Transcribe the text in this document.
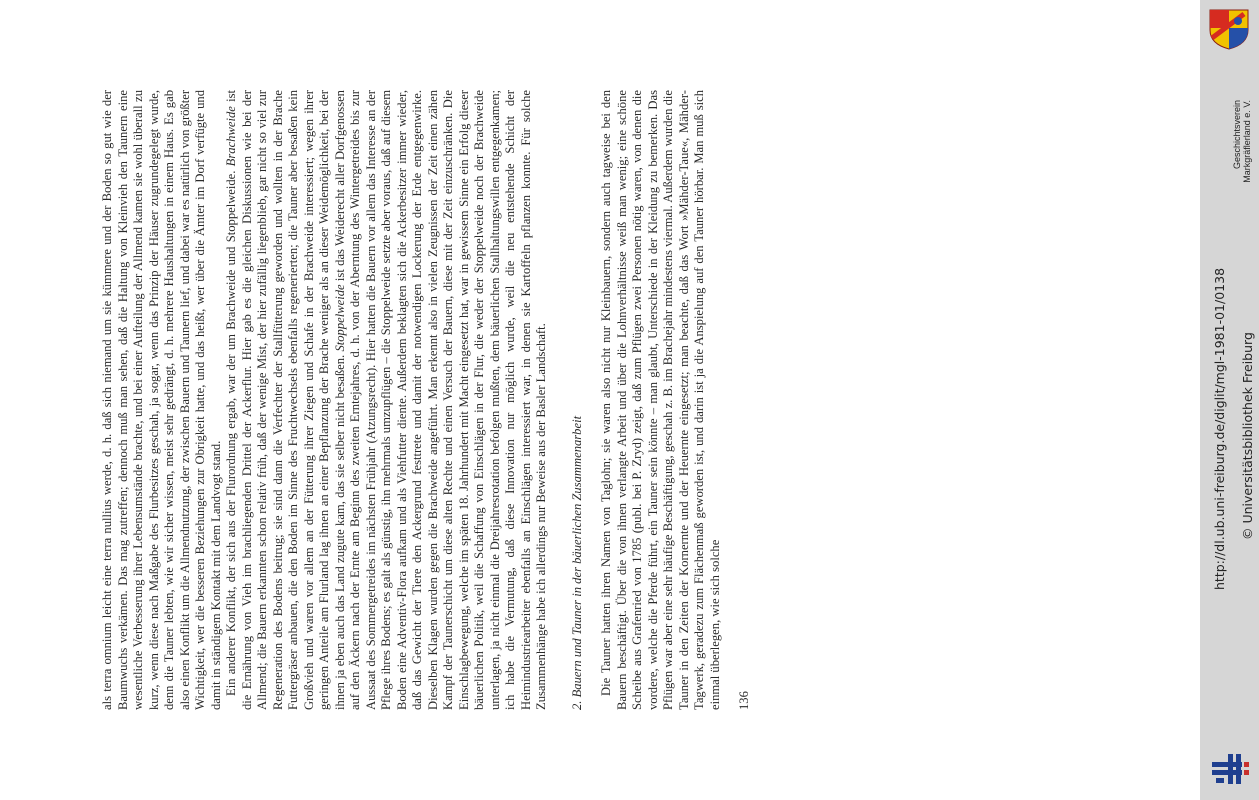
als terra omnium leicht eine terra nullius werde, d. h. daß sich niemand um sie kümmere und der Boden so gut wie der Baumwuchs verkämen. Das mag zutreffen; dennoch muß man sehen, daß die Haltung von Kleinvieh den Taunern eine wesentliche Verbesserung ihrer Lebensumstände brachte, und bei einer Aufteilung der Allmend kamen sie wohl überall zu kurz, wenn diese nach Maßgabe des Flurbesitzes geschah, ja sogar, wenn das Prinzip der Häuser zugrundegelegt wurde, denn die Tauner lebten, wie wir sicher wissen, meist sehr gedrängt, d. h. mehrere Haushaltungen in einem Haus. Es gab also einen Konflikt um die Allmendnutzung, der zwischen Bauern und Taunern lief, und dabei war es natürlich von größter Wichtigkeit, wer die besseren Beziehungen zur Obrigkeit hatte, und das heißt, wer über die Ämter im Dorf verfügte und damit in ständigem Kontakt mit dem Landvogt stand. Ein anderer Konflikt, der sich aus der Flurordnung ergab, war der um Brachweide und Stoppelweide. Brachweide ist die Ernährung von Vieh im brachliegenden Drittel der Ackerflur. Hier gab es die gleichen Diskussionen wie bei der Allmend; die Bauern erkannten schon relativ früh, daß der wenige Mist, der hier zufällig liegenblieb, gar nicht so viel zur Regeneration des Bodens beitrug; sie sind dann die Verfechter der Stallfütterung geworden und wollten in der Brache Futtergräser anbauen, die den Boden im Sinne des Fruchtwechsels ebenfalls regenerierten; die Tauner aber besaßen kein Großvieh und waren vor allem an der Fütterung ihrer Ziegen und Schafe in der Brachweide interessiert; wegen ihrer geringen Anteile am Flurland lag ihnen an einer Bepflanzung der Brache weniger als an dieser Weidemöglichkeit, bei der ihnen ja eben auch das Land zugute kam, das sie selber nicht besaßen. Stoppelweide ist das Weiderecht aller Dorfgenossen auf den Äckern nach der Ernte am Beginn des zweiten Erntejahres, d. h. von der Aberntung des Wintergetreides bis zur Aussaat des Sommergetreides im nächsten Frühjahr (Atzungsrecht). Hier hatten die Bauern vor allem das Interesse an der Pflege ihres Bodens; es galt als günstig, ihn mehrmals umzupflügen – die Stoppelweide setzte aber voraus, daß auf diesem Boden eine Adventiv-Flora aufkam und als Viehfutter diente. Außerdem beklagten sich die Ackerbesitzer immer wieder, daß das Gewicht der Tiere den Ackergrund festtrete und damit der notwendigen Lockerung der Erde entgegenwirke. Dieselben Klagen wurden gegen die Brachweide angeführt. Man erkennt also in vielen Zeugnissen der Zeit einen zähen Kampf der Taunerschicht um diese alten Rechte und einen Versuch der Bauern, diese mit der Zeit einzuschränken. Die Einschlagbewegung, welche im späten 18. Jahrhundert mit Macht eingesetzt hat, war in gewissem Sinne ein Erfolg dieser bäuerlichen Politik, weil die Schaffung von Einschlägen in der Flur, die weder der Stoppelweide noch der Brachweide unterlagen, ja nicht einmal die Dreijahresrotation befolgen mußten, dem bäuerlichen Stallhaltungswillen entgegenkamen; ich habe die Vermutung, daß diese Innovation nur möglich wurde, weil die neu entstehende Schicht der Heimindustriearbeiter ebenfalls an Einschlägen interessiert war, in denen sie Kartoffeln pflanzen konnte. Für solche Zusammenhänge habe ich allerdings nur Beweise aus der Basler Landschaft. 2. Bauern und Tauner in der bäuerlichen Zusammenarbeit Die Tauner hatten ihren Namen von Taglohn; sie waren also nicht nur Kleinbauern, sondern auch tagweise bei den Bauern beschäftigt. Über die von ihnen verlangte Arbeit und über die Lohnverhältnisse weiß man wenig; eine schöne Scheibe aus Grafenried von 1785 (publ. bei P. Zryd) zeigt, daß zum Pflügen zwei Personen nötig waren, von denen die vordere, welche die Pferde führt, ein Tauner sein könnte – man glaubt, Unterschiede in der Kleidung zu bemerken. Das Pflügen war aber eine sehr häufige Beschäftigung, geschah z. B. im Brachejahr mindestens viermal. Außerdem wurden die Tauner in den Zeiten der Kornernte und der Heuernte eingesetzt; man beachte, daß das Wort »Mähder-Taue«, Mähder-Tagwerk, geradezu zum Flächenmaß geworden ist, und darin ist ja die Anspielung auf den Tauner hörbar. Man muß sich einmal überlegen, wie sich solche 136

Geschichtsverein Markgräflerland e. V.
http://dl.ub.uni-freiburg.de/diglit/mgl-1981-01/0138 © Universitätsbibliothek Freiburg
